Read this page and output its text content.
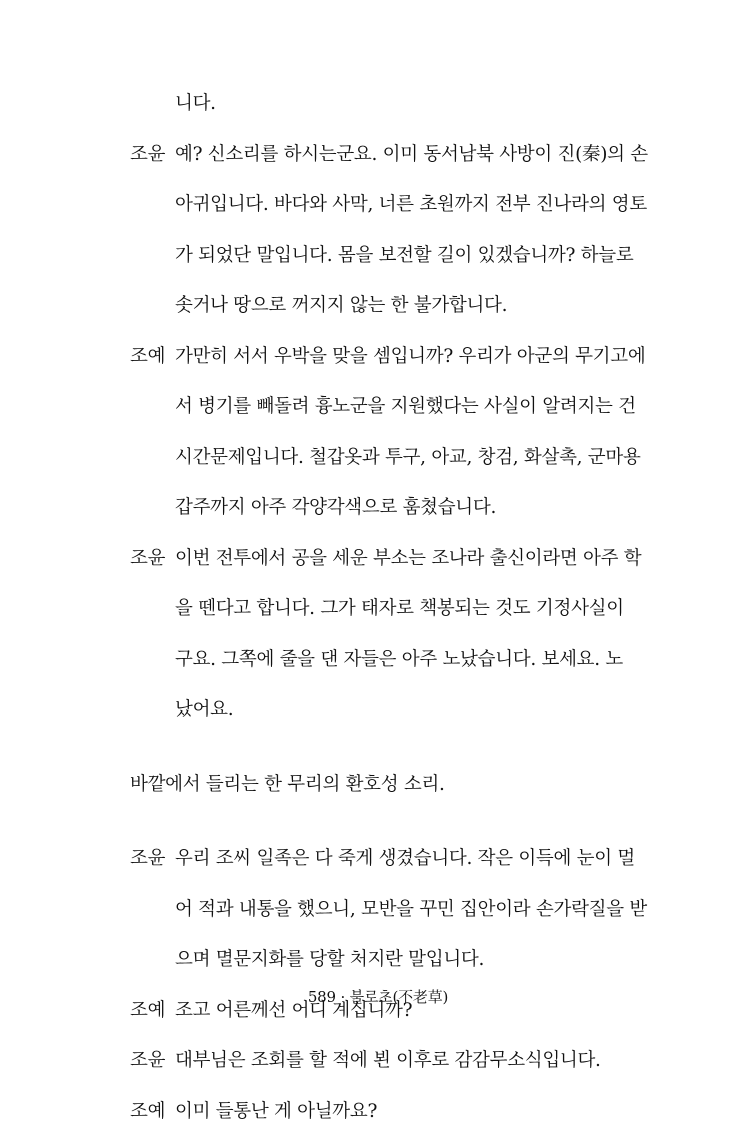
니다.
조윤 예? 신소리를 하시는군요. 이미 동서남북 사방이 진(秦)의 손
아귀입니다. 바다와 사막, 너른 초원까지 전부 진나라의 영토
가 되었단 말입니다. 몸을 보전할 길이 있겠습니까? 하늘로
솟거나 땅으로 꺼지지 않는 한 불가합니다.
조예 가만히 서서 우박을 맞을 셈입니까? 우리가 아군의 무기고에
서 병기를 빼돌려 흉노군을 지원했다는 사실이 알려지는 건
시간문제입니다. 철갑옷과 투구, 아교, 창검, 화살촉, 군마용
갑주까지 아주 각양각색으로 훔쳤습니다.
조윤 이번 전투에서 공을 세운 부소는 조나라 출신이라면 아주 학
을 뗀다고 합니다. 그가 태자로 책봉되는 것도 기정사실이
구요. 그쪽에 줄을 댄 자들은 아주 노났습니다. 보세요. 노
났어요.
바깥에서 들리는 한 무리의 환호성 소리.
조윤 우리 조씨 일족은 다 죽게 생겼습니다. 작은 이득에 눈이 멀
어 적과 내통을 했으니, 모반을 꾸민 집안이라 손가락질을 받
으며 멸문지화를 당할 처지란 말입니다.
조예 조고 어른께선 어디 계십니까?
조윤 대부님은 조회를 할 적에 뵌 이후로 감감무소식입니다.
조예 이미 들통난 게 아닐까요?
589 · 불로초(不老草)
